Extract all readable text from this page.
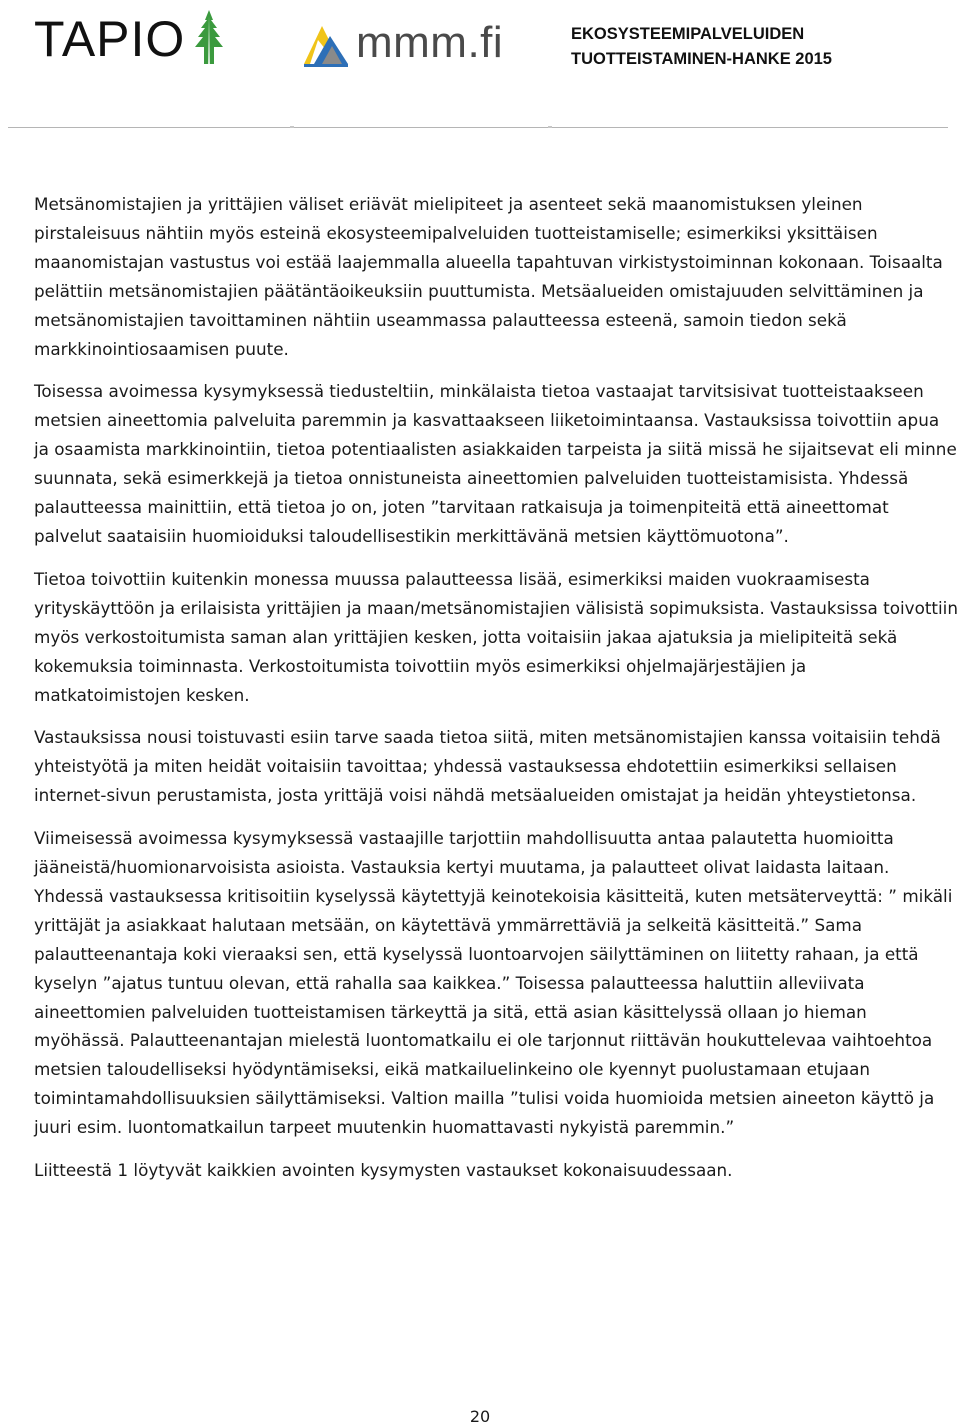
TAPIO	mmm.fi	EKOSYSTEEMIPALVELUIDEN
TUOTTEISTAMINEN-HANKE 2015

Metsänomistajien ja yrittäjien väliset eriävät mielipiteet ja asenteet sekä maanomistuksen yleinen pirstaleisuus nähtiin myös esteinä ekosysteemipalveluiden tuotteistamiselle; esimerkiksi yksittäisen maanomistajan vastustus voi estää laajemmalla alueella tapahtuvan virkistystoiminnan kokonaan. Toisaalta pelättiin metsänomistajien päätäntäoikeuksiin puuttumista. Metsäalueiden omistajuuden selvittäminen ja metsänomistajien tavoittaminen nähtiin useammassa palautteessa esteenä, samoin tiedon sekä markkinointiosaamisen puute.

Toisessa avoimessa kysymyksessä tiedusteltiin, minkälaista tietoa vastaajat tarvitsisivat tuotteistaakseen metsien aineettomia palveluita paremmin ja kasvattaakseen liiketoimintaansa. Vastauksissa toivottiin apua ja osaamista markkinointiin, tietoa potentiaalisten asiakkaiden tarpeista ja siitä missä he sijaitsevat eli minne suunnata, sekä esimerkkejä ja tietoa onnistuneista aineettomien palveluiden tuotteistamisista. Yhdessä palautteessa mainittiin, että tietoa jo on, joten ”tarvitaan ratkaisuja ja toimenpiteitä että aineettomat palvelut saataisiin huomioiduksi taloudellisestikin merkittävänä metsien käyttömuotona”.

Tietoa toivottiin kuitenkin monessa muussa palautteessa lisää, esimerkiksi maiden vuokraamisesta yrityskäyttöön ja erilaisista yrittäjien ja maan/metsänomistajien välisistä sopimuksista. Vastauksissa toivottiin myös verkostoitumista saman alan yrittäjien kesken, jotta voitaisiin jakaa ajatuksia ja mielipiteitä sekä kokemuksia toiminnasta. Verkostoitumista toivottiin myös esimerkiksi ohjelmajärjestäjien ja matkatoimistojen kesken.

Vastauksissa nousi toistuvasti esiin tarve saada tietoa siitä, miten metsänomistajien kanssa voitaisiin tehdä yhteistyötä ja miten heidät voitaisiin tavoittaa; yhdessä vastauksessa ehdotettiin esimerkiksi sellaisen internet-sivun perustamista, josta yrittäjä voisi nähdä metsäalueiden omistajat ja heidän yhteystietonsa.

Viimeisessä avoimessa kysymyksessä vastaajille tarjottiin mahdollisuutta antaa palautetta huomioitta jääneistä/huomionarvoisista asioista. Vastauksia kertyi muutama, ja palautteet olivat laidasta laitaan. Yhdessä vastauksessa kritisoitiin kyselyssä käytettyjä keinotekoisia käsitteitä, kuten metsäterveyttä: ” mikäli yrittäjät ja asiakkaat halutaan metsään, on käytettävä ymmärrettäviä ja selkeitä käsitteitä.” Sama palautteenantaja koki vieraaksi sen, että kyselyssä luontoarvojen säilyttäminen on liitetty rahaan, ja että kyselyn ”ajatus tuntuu olevan, että rahalla saa kaikkea.” Toisessa palautteessa haluttiin alleviivata aineettomien palveluiden tuotteistamisen tärkeyttä ja sitä, että asian käsittelyssä ollaan jo hieman myöhässä. Palautteenantajan mielestä luontomatkailu ei ole tarjonnut riittävän houkuttelevaa vaihtoehtoa metsien taloudelliseksi hyödyntämiseksi, eikä matkailuelinkeino ole kyennyt puolustamaan etujaan toimintamahdollisuuksien säilyttämiseksi. Valtion mailla ”tulisi voida huomioida metsien aineeton käyttö ja juuri esim. luontomatkailun tarpeet muutenkin huomattavasti nykyistä paremmin.”

Liitteestä 1 löytyvät kaikkien avointen kysymysten vastaukset kokonaisuudessaan.

20
